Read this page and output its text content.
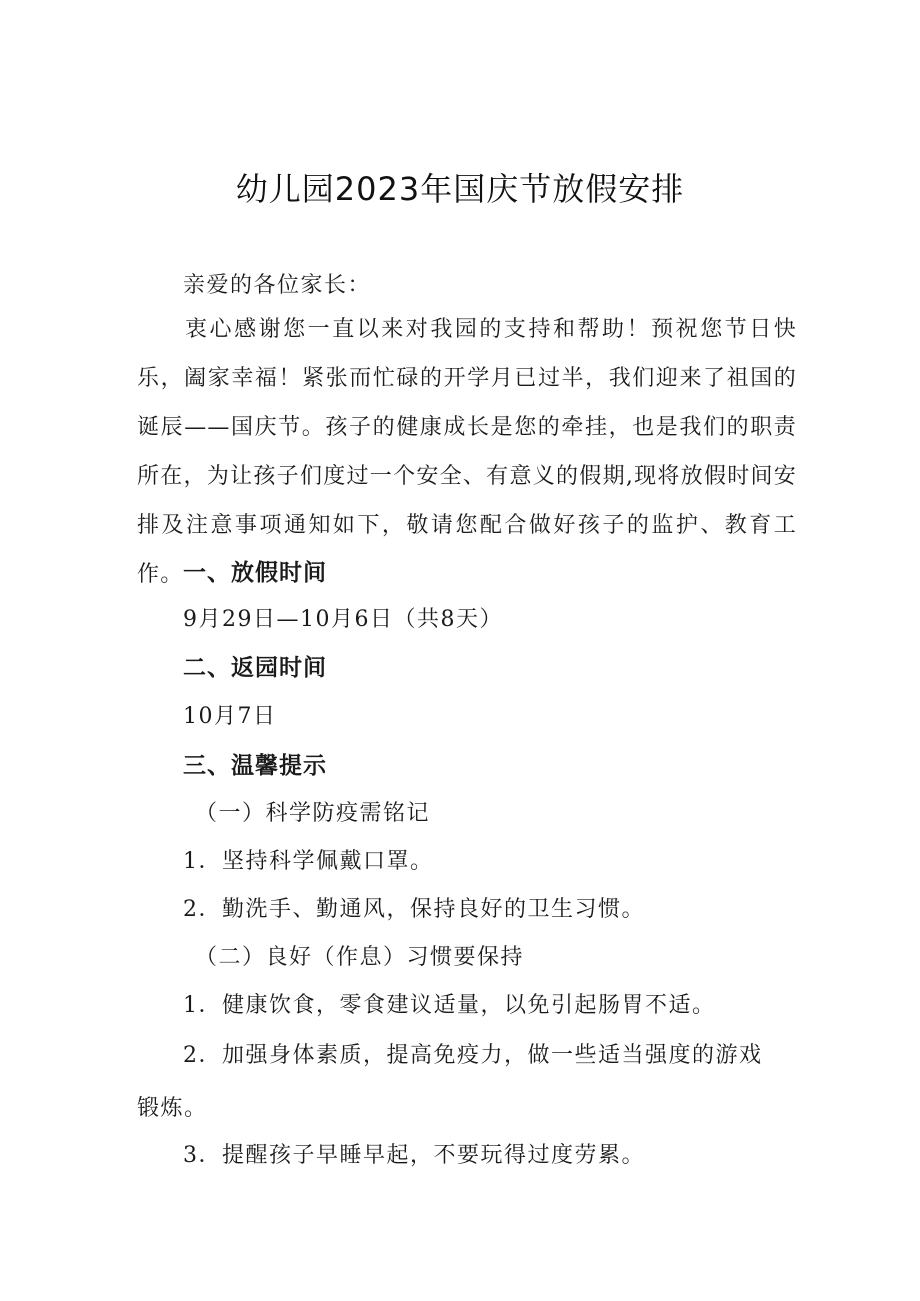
幼儿园2023年国庆节放假安排
亲爱的各位家长：
衷心感谢您一直以来对我园的支持和帮助！预祝您节日快乐，阖家幸福！紧张而忙碌的开学月已过半，我们迎来了祖国的诞辰——国庆节。孩子的健康成长是您的牵挂，也是我们的职责所在，为让孩子们度过一个安全、有意义的假期,现将放假时间安排及注意事项通知如下，敬请您配合做好孩子的监护、教育工作。 一、放假时间
9月29日—10月6日（共8天）
二、返园时间
10月7日
三、温馨提示
（一）科学防疫需铭记
1．坚持科学佩戴口罩。
2．勤洗手、勤通风，保持良好的卫生习惯。
（二）良好（作息）习惯要保持
1．健康饮食，零食建议适量，以免引起肠胃不适。
2．加强身体素质，提高免疫力，做一些适当强度的游戏
锻炼。
3．提醒孩子早睡早起，不要玩得过度劳累。
